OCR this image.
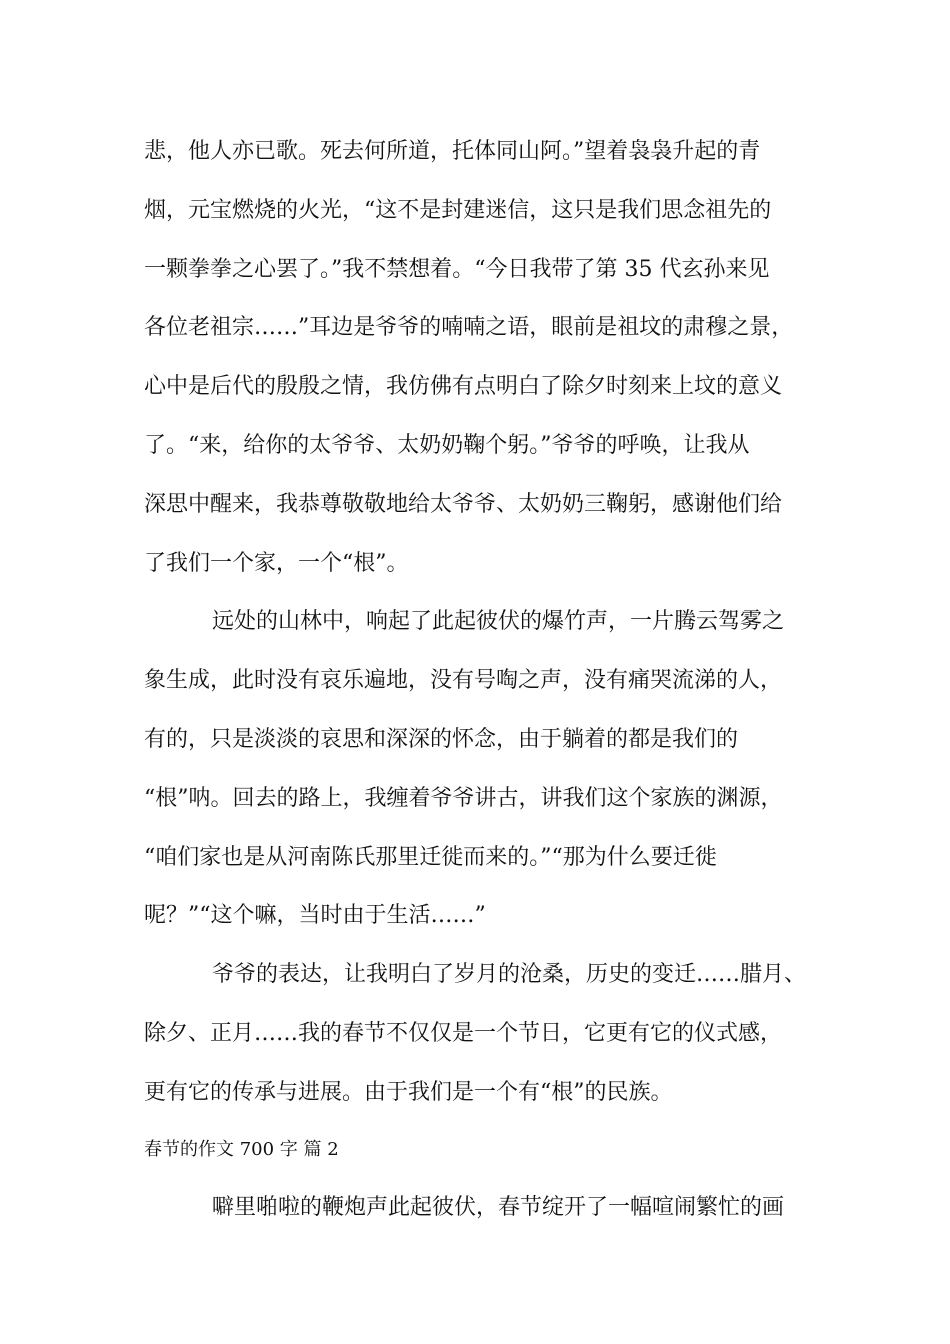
悲，他人亦已歌。死去何所道，托体同山阿。”望着袅袅升起的青
烟，元宝燃烧的火光，“这不是封建迷信，这只是我们思念祖先的
一颗拳拳之心罢了。”我不禁想着。“今日我带了第 35 代玄孙来见
各位老祖宗……”耳边是爷爷的喃喃之语，眼前是祖坟的肃穆之景，
心中是后代的殷殷之情，我仿佛有点明白了除夕时刻来上坟的意义
了。“来，给你的太爷爷、太奶奶鞠个躬。”爷爷的呼唤，让我从
深思中醒来，我恭尊敬敬地给太爷爷、太奶奶三鞠躬，感谢他们给
了我们一个家，一个“根”。
远处的山林中，响起了此起彼伏的爆竹声，一片腾云驾雾之
象生成，此时没有哀乐遍地，没有号啕之声，没有痛哭流涕的人，
有的，只是淡淡的哀思和深深的怀念，由于躺着的都是我们的
“根”呐。回去的路上，我缠着爷爷讲古，讲我们这个家族的渊源，
“咱们家也是从河南陈氏那里迁徙而来的。”“那为什么要迁徙
呢？”“这个嘛，当时由于生活……”
爷爷的表达，让我明白了岁月的沧桑，历史的变迁……腊月、
除夕、正月……我的春节不仅仅是一个节日，它更有它的仪式感，
更有它的传承与进展。由于我们是一个有“根”的民族。
春节的作文 700 字 篇 2
噼里啪啦的鞭炮声此起彼伏，春节绽开了一幅喧闹繁忙的画
